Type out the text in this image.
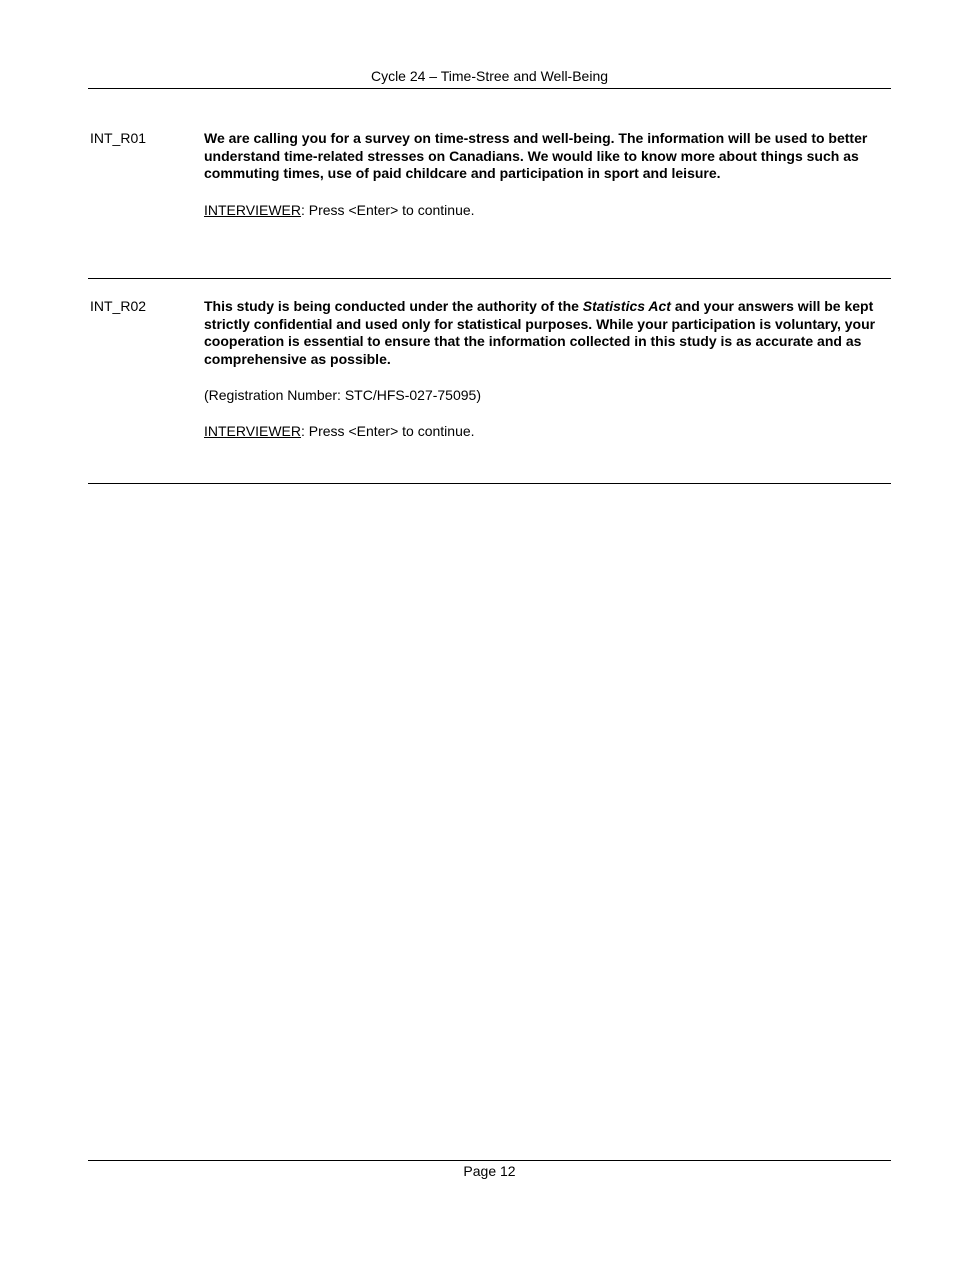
Cycle 24 – Time-Stree and Well-Being
INT_R01	We are calling you for a survey on time-stress and well-being. The information will be used to better understand time-related stresses on Canadians. We would like to know more about things such as commuting times, use of paid childcare and participation in sport and leisure.

INTERVIEWER: Press <Enter> to continue.

INT_R02	This study is being conducted under the authority of the Statistics Act and your answers will be kept strictly confidential and used only for statistical purposes. While your participation is voluntary, your cooperation is essential to ensure that the information collected in this study is as accurate and as comprehensive as possible.

(Registration Number: STC/HFS-027-75095)

INTERVIEWER: Press <Enter> to continue.

Page 12
